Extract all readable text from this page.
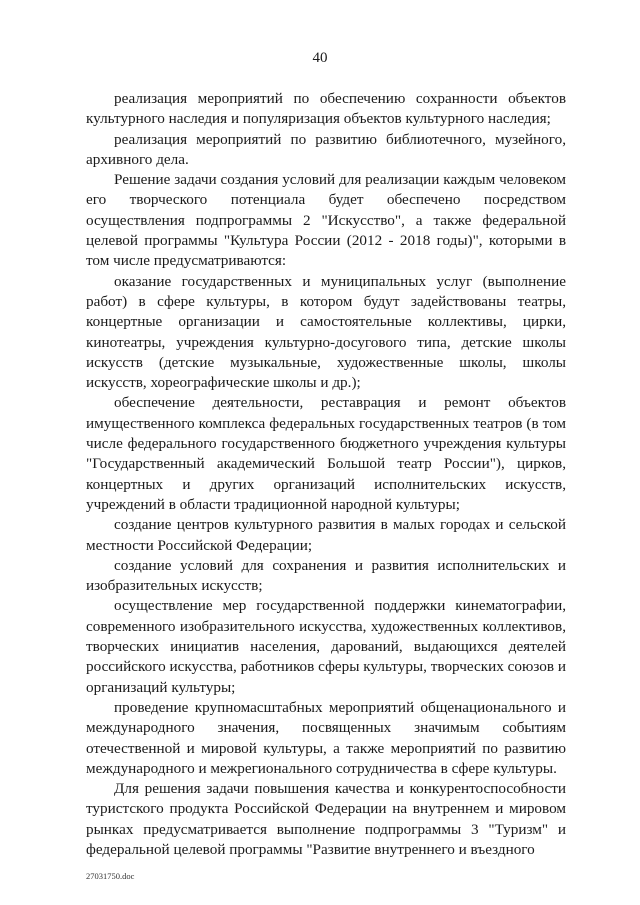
40

реализация мероприятий по обеспечению сохранности объектов культурного наследия и популяризация объектов культурного наследия;

реализация мероприятий по развитию библиотечного, музейного, архивного дела.

Решение задачи создания условий для реализации каждым человеком его творческого потенциала будет обеспечено посредством осуществления подпрограммы 2 "Искусство", а также федеральной целевой программы "Культура России (2012 - 2018 годы)", которыми в том числе предусматриваются:

оказание государственных и муниципальных услуг (выполнение работ) в сфере культуры, в котором будут задействованы театры, концертные организации и самостоятельные коллективы, цирки, кинотеатры, учреждения культурно-досугового типа, детские школы искусств (детские музыкальные, художественные школы, школы искусств, хореографические школы и др.);

обеспечение деятельности, реставрация и ремонт объектов имущественного комплекса федеральных государственных театров (в том числе федерального государственного бюджетного учреждения культуры "Государственный академический Большой театр России"), цирков, концертных и других организаций исполнительских искусств, учреждений в области традиционной народной культуры;

создание центров культурного развития в малых городах и сельской местности Российской Федерации;

создание условий для сохранения и развития исполнительских и изобразительных искусств;

осуществление мер государственной поддержки кинематографии, современного изобразительного искусства, художественных коллективов, творческих инициатив населения, дарований, выдающихся деятелей российского искусства, работников сферы культуры, творческих союзов и организаций культуры;

проведение крупномасштабных мероприятий общенационального и международного значения, посвященных значимым событиям отечественной и мировой культуры, а также мероприятий по развитию международного и межрегионального сотрудничества в сфере культуры.

Для решения задачи повышения качества и конкурентоспособности туристского продукта Российской Федерации на внутреннем и мировом рынках предусматривается выполнение подпрограммы 3 "Туризм" и федеральной целевой программы "Развитие внутреннего и въездного

27031750.doc
